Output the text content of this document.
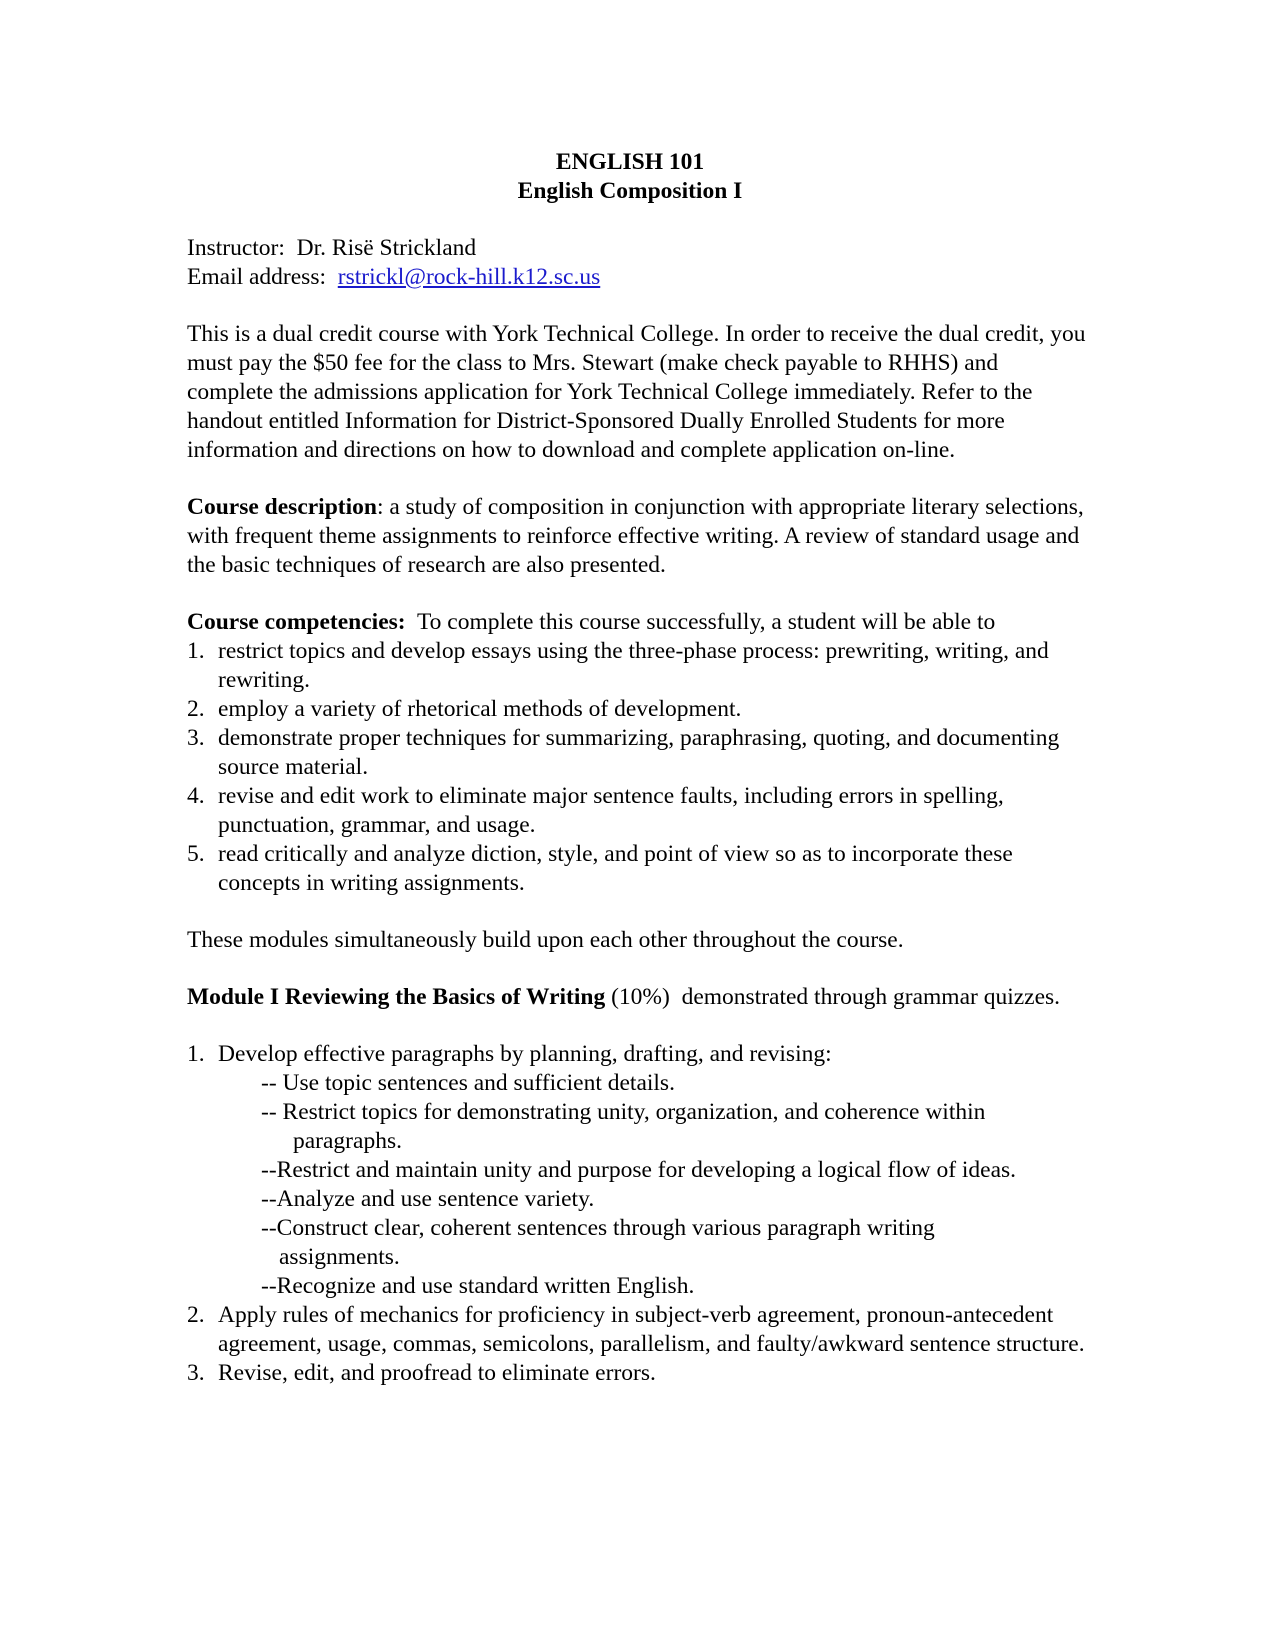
ENGLISH 101
English Composition I
Instructor: Dr. Risë Strickland
Email address: rstrickl@rock-hill.k12.sc.us

This is a dual credit course with York Technical College. In order to receive the dual credit, you must pay the $50 fee for the class to Mrs. Stewart (make check payable to RHHS) and complete the admissions application for York Technical College immediately. Refer to the handout entitled Information for District-Sponsored Dually Enrolled Students for more information and directions on how to download and complete application on-line.

Course description: a study of composition in conjunction with appropriate literary selections, with frequent theme assignments to reinforce effective writing. A review of standard usage and the basic techniques of research are also presented.

Course competencies:  To complete this course successfully, a student will be able to

1. restrict topics and develop essays using the three-phase process: prewriting, writing, and rewriting.
2. employ a variety of rhetorical methods of development.
3. demonstrate proper techniques for summarizing, paraphrasing, quoting, and documenting source material.
4. revise and edit work to eliminate major sentence faults, including errors in spelling, punctuation, grammar, and usage.
5. read critically and analyze diction, style, and point of view so as to incorporate these concepts in writing assignments.

These modules simultaneously build upon each other throughout the course.

Module I Reviewing the Basics of Writing (10%)  demonstrated through grammar quizzes.

1. Develop effective paragraphs by planning, drafting, and revising:
-- Use topic sentences and sufficient details.
-- Restrict topics for demonstrating unity, organization, and coherence within
paragraphs.
--Restrict and maintain unity and purpose for developing a logical flow of ideas.
--Analyze and use sentence variety.
--Construct clear, coherent sentences through various paragraph writing
assignments.
--Recognize and use standard written English.
2. Apply rules of mechanics for proficiency in subject-verb agreement, pronoun-antecedent agreement, usage, commas, semicolons, parallelism, and faulty/awkward sentence structure.
3. Revise, edit, and proofread to eliminate errors.
